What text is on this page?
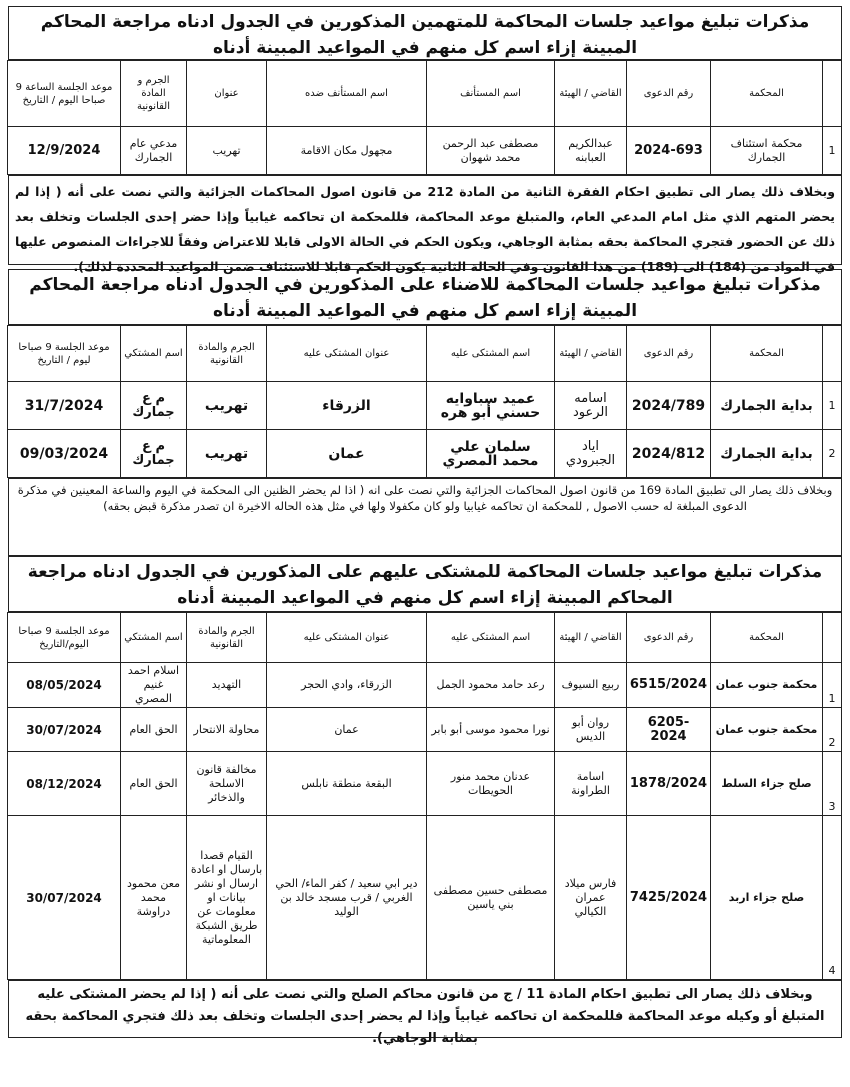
مذكرات تبليغ مواعيد جلسات المحاكمة للمتهمين المذكورين في الجدول ادناه مراجعة المحاكم المبينة إزاء اسم كل منهم في المواعيد المبينة أدناه
	المحكمة	رقم الدعوى	القاضي / الهيئة	اسم المستأنف	اسم المستأنف ضده	عنوان	الجرم و المادة القانونية	موعد الجلسة الساعة 9 صباحا اليوم / التاريخ
1	محكمة استئناف الجمارك	2024-693	عبدالكريم العبابنه	مصطفى عبد الرحمن محمد شهوان	مجهول مكان الاقامة	تهريب	مدعي عام الجمارك	12/9/2024
وبخلاف ذلك يصار الى تطبيق احكام الفقرة الثانية من المادة 212 من قانون اصول المحاكمات الجزائية والتي نصت على أنه ( إذا لم يحضر المتهم الذي مثل امام المدعي العام، والمتبلغ موعد المحاكمة، فللمحكمة ان تحاكمه غيابياً وإذا حضر إحدى الجلسات وتخلف بعد ذلك عن الحضور فتجري المحاكمة بحقه بمثابة الوجاهي، ويكون الحكم في الحالة الاولى قابلا للاعتراض وفقاً للاجراءات المنصوص عليها في المواد من (184) الى (189) من هذا القانون وفي الحالة الثانية يكون الحكم قابلا للاستئناف ضمن المواعيد المحددة لذلك).
مذكرات تبليغ مواعيد جلسات المحاكمة للاضناء على المذكورين في الجدول ادناه مراجعة المحاكم المبينة إزاء اسم كل منهم في المواعيد المبينة أدناه
	المحكمة	رقم الدعوى	القاضي / الهيئة	اسم المشتكى عليه	عنوان المشتكى عليه	الجرم والمادة القانونية	اسم المشتكي	موعد الجلسة 9 صباحا ليوم / التاريخ
1	بداية الجمارك	2024/789	اسامه الرعود	عميد سباوايه حسني أبو هره	الزرقاء	تهريب	م ع جمارك	31/7/2024
2	بداية الجمارك	2024/812	اياد الجبرودي	سلمان علي محمد المصري	عمان	تهريب	م ع جمارك	09/03/2024
وبخلاف ذلك يصار الى تطبيق المادة 169 من قانون اصول المحاكمات الجزائية والتي نصت على انه ( اذا لم يحضر الظنين الى المحكمة في اليوم والساعة المعينين في مذكرة الدعوى المبلغة له حسب الاصول , للمحكمة ان تحاكمه غيابيا ولو كان مكفولا ولها في مثل هذه الحاله الاخيرة ان تصدر مذكرة قبض بحقه)
مذكرات تبليغ مواعيد جلسات المحاكمة للمشتكى عليهم على المذكورين في الجدول ادناه مراجعة المحاكم المبينة إزاء اسم كل منهم في المواعيد المبينة أدناه
	المحكمة	رقم الدعوى	القاضي / الهيئة	اسم المشتكى عليه	عنوان المشتكى عليه	الجرم والمادة القانونية	اسم المشتكي	موعد الجلسة 9 صباحا اليوم/التاريخ
1	محكمة جنوب عمان	6515/2024	ربيع السيوف	رعد حامد محمود الجمل	الزرقاء، وادي الحجر	التهديد	اسلام احمد غنيم المصري	08/05/2024
2	محكمة جنوب عمان	6205-2024	روان أبو الديس	نورا محمود موسى أبو بابر	عمان	محاولة الانتحار	الحق العام	30/07/2024
3	صلح جزاء السلط	1878/2024	اسامة الطراونة	عدنان محمد منور الحويطات	البقعة منطقة نابلس	مخالفة قانون الاسلحة والذخائر	الحق العام	08/12/2024
4	صلح جزاء اربد	7425/2024	فارس ميلاد عمران الكيالي	مصطفى حسين مصطفى بني ياسين	دير ابي سعيد / كفر الماء/ الحي الغربي / قرب مسجد خالد بن الوليد	القيام قصدا بارسال او اعادة ارسال او نشر بيانات او معلومات عن طريق الشبكة المعلوماتية	معن محمود محمد دراوشة	30/07/2024
وبخلاف ذلك يصار الى تطبيق احكام المادة 11 / ج من قانون محاكم الصلح والتي نصت على أنه ( إذا لم يحضر المشتكى عليه المتبلغ أو وكيله موعد المحاكمة فللمحكمة ان تحاكمه غيابياً وإذا لم يحضر إحدى الجلسات وتخلف بعد ذلك فتجري المحاكمة بحقه بمثابة الوجاهي).
